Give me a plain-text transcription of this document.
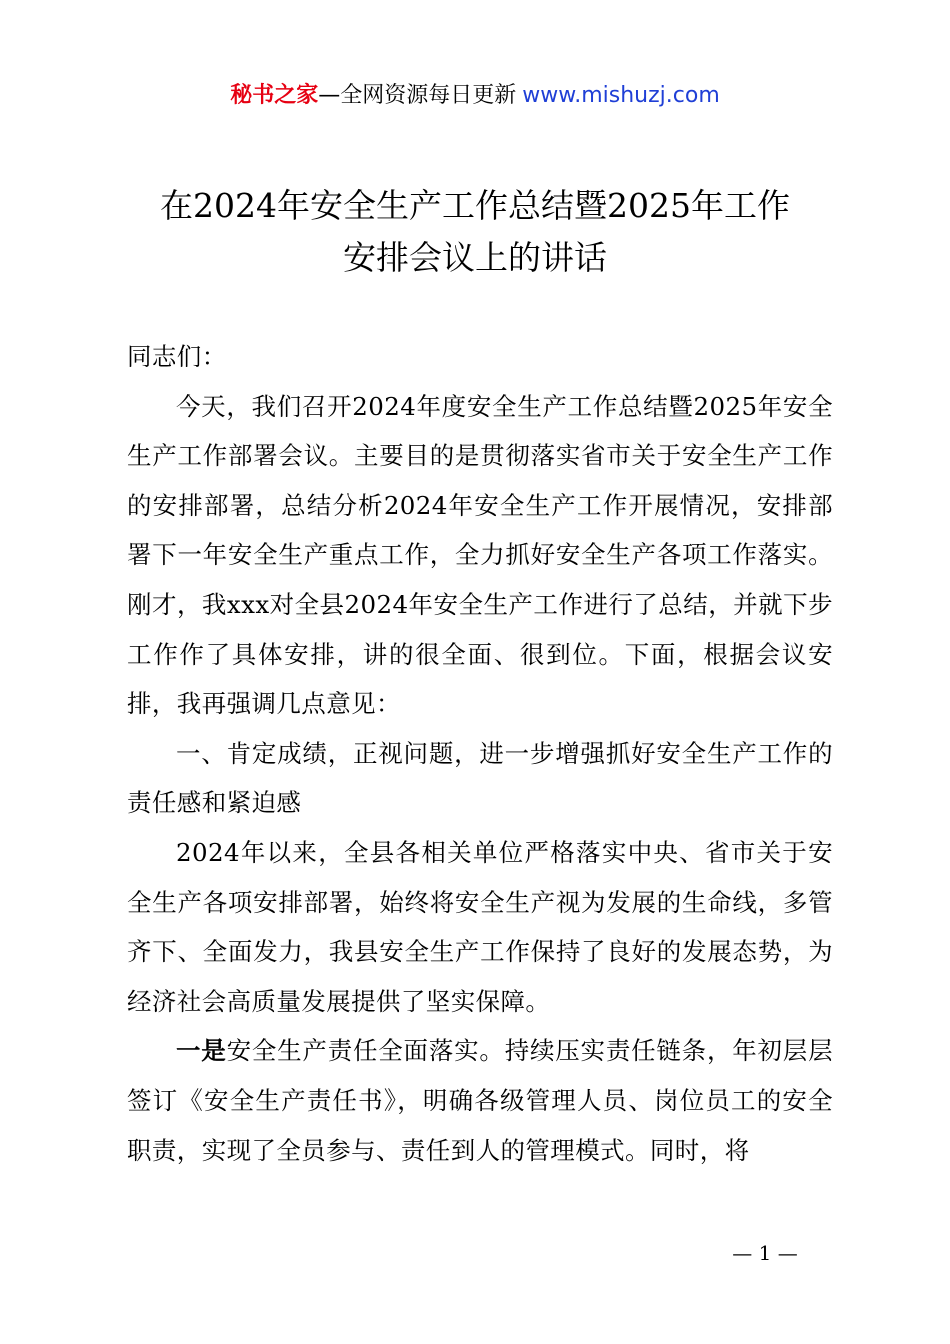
秘书之家—全网资源每日更新 www.mishuzj.com
在2024年安全生产工作总结暨2025年工作
安排会议上的讲话

同志们：

今天，我们召开2024年度安全生产工作总结暨2025年安全生产工作部署会议。主要目的是贯彻落实省市关于安全生产工作的安排部署，总结分析2024年安全生产工作开展情况，安排部署下一年安全生产重点工作，全力抓好安全生产各项工作落实。刚才，我xxx对全县2024年安全生产工作进行了总结，并就下步工作作了具体安排，讲的很全面、很到位。下面，根据会议安排，我再强调几点意见：

一、肯定成绩，正视问题，进一步增强抓好安全生产工作的责任感和紧迫感

2024年以来，全县各相关单位严格落实中央、省市关于安全生产各项安排部署，始终将安全生产视为发展的生命线，多管齐下、全面发力，我县安全生产工作保持了良好的发展态势，为经济社会高质量发展提供了坚实保障。

一是安全生产责任全面落实。持续压实责任链条，年初层层签订《安全生产责任书》，明确各级管理人员、岗位员工的安全职责，实现了全员参与、责任到人的管理模式。同时，将

— 1 —
